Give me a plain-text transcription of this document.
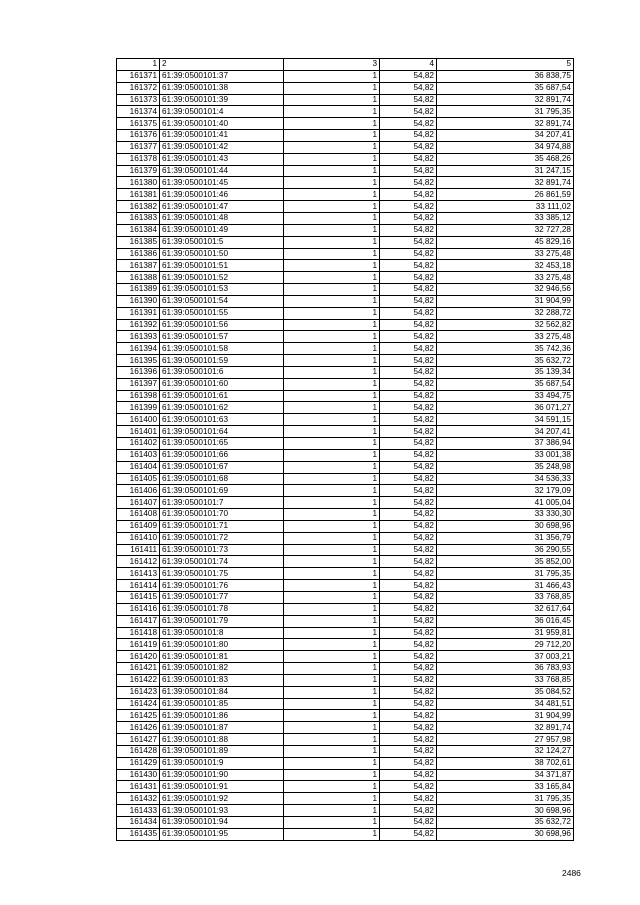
1	2	3	4	5
161371	61:39:0500101:37	1	54,82	36 838,75
161372	61:39:0500101:38	1	54,82	35 687,54
161373	61:39:0500101:39	1	54,82	32 891,74
161374	61:39:0500101:4	1	54,82	31 795,35
161375	61:39:0500101:40	1	54,82	32 891,74
161376	61:39:0500101:41	1	54,82	34 207,41
161377	61:39:0500101:42	1	54,82	34 974,88
161378	61:39:0500101:43	1	54,82	35 468,26
161379	61:39:0500101:44	1	54,82	31 247,15
161380	61:39:0500101:45	1	54,82	32 891,74
161381	61:39:0500101:46	1	54,82	26 861,59
161382	61:39:0500101:47	1	54,82	33 111,02
161383	61:39:0500101:48	1	54,82	33 385,12
161384	61:39:0500101:49	1	54,82	32 727,28
161385	61:39:0500101:5	1	54,82	45 829,16
161386	61:39:0500101:50	1	54,82	33 275,48
161387	61:39:0500101:51	1	54,82	32 453,18
161388	61:39:0500101:52	1	54,82	33 275,48
161389	61:39:0500101:53	1	54,82	32 946,56
161390	61:39:0500101:54	1	54,82	31 904,99
161391	61:39:0500101:55	1	54,82	32 288,72
161392	61:39:0500101:56	1	54,82	32 562,82
161393	61:39:0500101:57	1	54,82	33 275,48
161394	61:39:0500101:58	1	54,82	35 742,36
161395	61:39:0500101:59	1	54,82	35 632,72
161396	61:39:0500101:6	1	54,82	35 139,34
161397	61:39:0500101:60	1	54,82	35 687,54
161398	61:39:0500101:61	1	54,82	33 494,75
161399	61:39:0500101:62	1	54,82	36 071,27
161400	61:39:0500101:63	1	54,82	34 591,15
161401	61:39:0500101:64	1	54,82	34 207,41
161402	61:39:0500101:65	1	54,82	37 386,94
161403	61:39:0500101:66	1	54,82	33 001,38
161404	61:39:0500101:67	1	54,82	35 248,98
161405	61:39:0500101:68	1	54,82	34 536,33
161406	61:39:0500101:69	1	54,82	32 179,09
161407	61:39:0500101:7	1	54,82	41 005,04
161408	61:39:0500101:70	1	54,82	33 330,30
161409	61:39:0500101:71	1	54,82	30 698,96
161410	61:39:0500101:72	1	54,82	31 356,79
161411	61:39:0500101:73	1	54,82	36 290,55
161412	61:39:0500101:74	1	54,82	35 852,00
161413	61:39:0500101:75	1	54,82	31 795,35
161414	61:39:0500101:76	1	54,82	31 466,43
161415	61:39:0500101:77	1	54,82	33 768,85
161416	61:39:0500101:78	1	54,82	32 617,64
161417	61:39:0500101:79	1	54,82	36 016,45
161418	61:39:0500101:8	1	54,82	31 959,81
161419	61:39:0500101:80	1	54,82	29 712,20
161420	61:39:0500101:81	1	54,82	37 003,21
161421	61:39:0500101:82	1	54,82	36 783,93
161422	61:39:0500101:83	1	54,82	33 768,85
161423	61:39:0500101:84	1	54,82	35 084,52
161424	61:39:0500101:85	1	54,82	34 481,51
161425	61:39:0500101:86	1	54,82	31 904,99
161426	61:39:0500101:87	1	54,82	32 891,74
161427	61:39:0500101:88	1	54,82	27 957,98
161428	61:39:0500101:89	1	54,82	32 124,27
161429	61:39:0500101:9	1	54,82	38 702,61
161430	61:39:0500101:90	1	54,82	34 371,87
161431	61:39:0500101:91	1	54,82	33 165,84
161432	61:39:0500101:92	1	54,82	31 795,35
161433	61:39:0500101:93	1	54,82	30 698,96
161434	61:39:0500101:94	1	54,82	35 632,72
161435	61:39:0500101:95	1	54,82	30 698,96
2486
